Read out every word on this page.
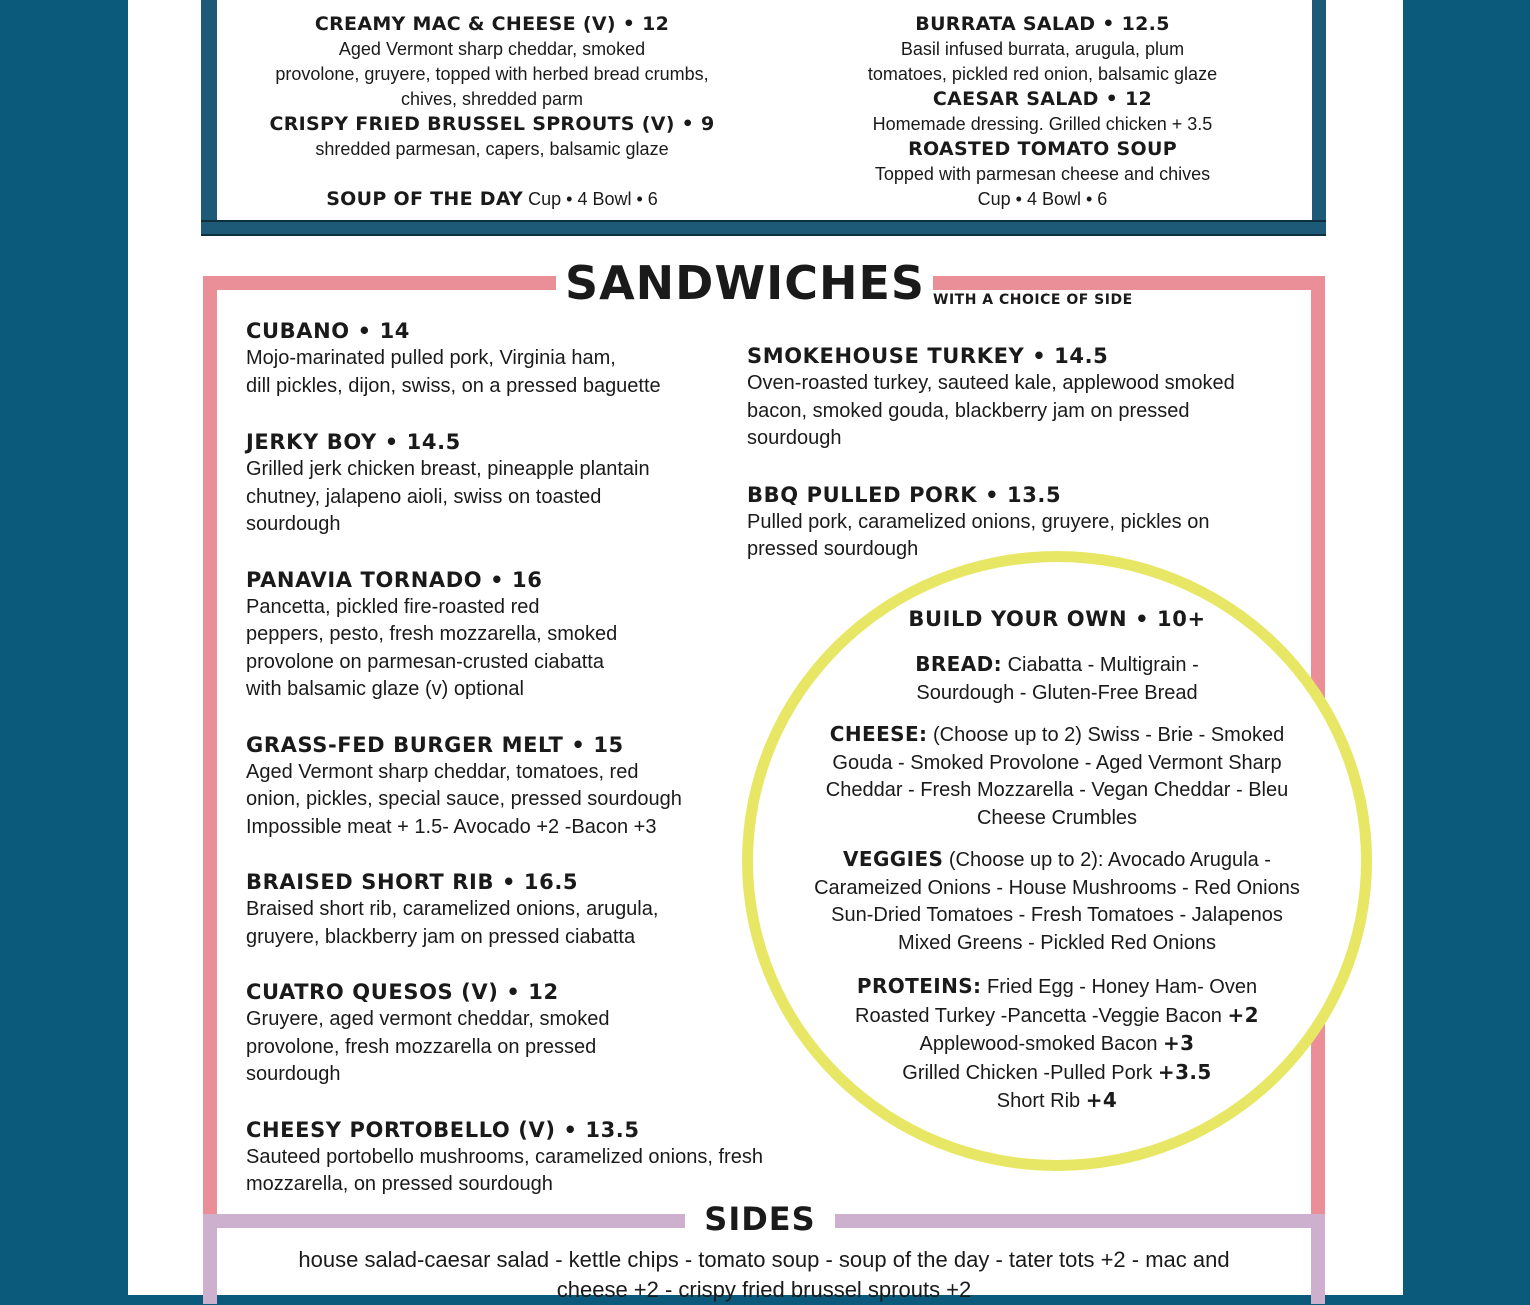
CREAMY MAC & CHEESE (V) • 12
Aged Vermont sharp cheddar, smoked
provolone, gruyere, topped with herbed bread crumbs,
chives, shredded parm
CRISPY FRIED BRUSSEL SPROUTS (V) • 9
shredded parmesan, capers, balsamic glaze
SOUP OF THE DAY Cup • 4 Bowl • 6
BURRATA SALAD • 12.5
Basil infused burrata, arugula, plum
tomatoes, pickled red onion, balsamic glaze
CAESAR SALAD • 12
Homemade dressing. Grilled chicken + 3.5
ROASTED TOMATO SOUP
Topped with parmesan cheese and chives
Cup • 4 Bowl • 6
SANDWICHES WITH A CHOICE OF SIDE
CUBANO • 14
Mojo-marinated pulled pork, Virginia ham,
dill pickles, dijon, swiss, on a pressed baguette
JERKY BOY • 14.5
Grilled jerk chicken breast, pineapple plantain
chutney, jalapeno aioli, swiss on toasted
sourdough
PANAVIA TORNADO • 16
Pancetta, pickled fire-roasted red
peppers, pesto, fresh mozzarella, smoked
provolone on parmesan-crusted ciabatta
with balsamic glaze (v) optional
GRASS-FED BURGER MELT • 15
Aged Vermont sharp cheddar, tomatoes, red
onion, pickles, special sauce, pressed sourdough
Impossible meat + 1.5- Avocado +2 -Bacon +3
BRAISED SHORT RIB • 16.5
Braised short rib, caramelized onions, arugula,
gruyere, blackberry jam on pressed ciabatta
CUATRO QUESOS (V) • 12
Gruyere, aged vermont cheddar, smoked
provolone, fresh mozzarella on pressed
sourdough
CHEESY PORTOBELLO (V) • 13.5
Sauteed portobello mushrooms, caramelized onions, fresh
mozzarella, on pressed sourdough
SMOKEHOUSE TURKEY • 14.5
Oven-roasted turkey, sauteed kale, applewood smoked
bacon, smoked gouda, blackberry jam on pressed
sourdough
BBQ PULLED PORK • 13.5
Pulled pork, caramelized onions, gruyere, pickles on
pressed sourdough
BUILD YOUR OWN • 10+
BREAD: Ciabatta - Multigrain -
Sourdough - Gluten-Free Bread
CHEESE: (Choose up to 2) Swiss - Brie - Smoked
Gouda - Smoked Provolone - Aged Vermont Sharp
Cheddar - Fresh Mozzarella - Vegan Cheddar - Bleu
Cheese Crumbles
VEGGIES (Choose up to 2): Avocado Arugula -
Carameized Onions - House Mushrooms - Red Onions
Sun-Dried Tomatoes - Fresh Tomatoes - Jalapenos
Mixed Greens - Pickled Red Onions
PROTEINS: Fried Egg - Honey Ham- Oven
Roasted Turkey -Pancetta -Veggie Bacon +2
Applewood-smoked Bacon +3
Grilled Chicken -Pulled Pork +3.5
Short Rib +4
SIDES
house salad-caesar salad - kettle chips - tomato soup - soup of the day - tater tots +2 - mac and
cheese +2 - crispy fried brussel sprouts +2
